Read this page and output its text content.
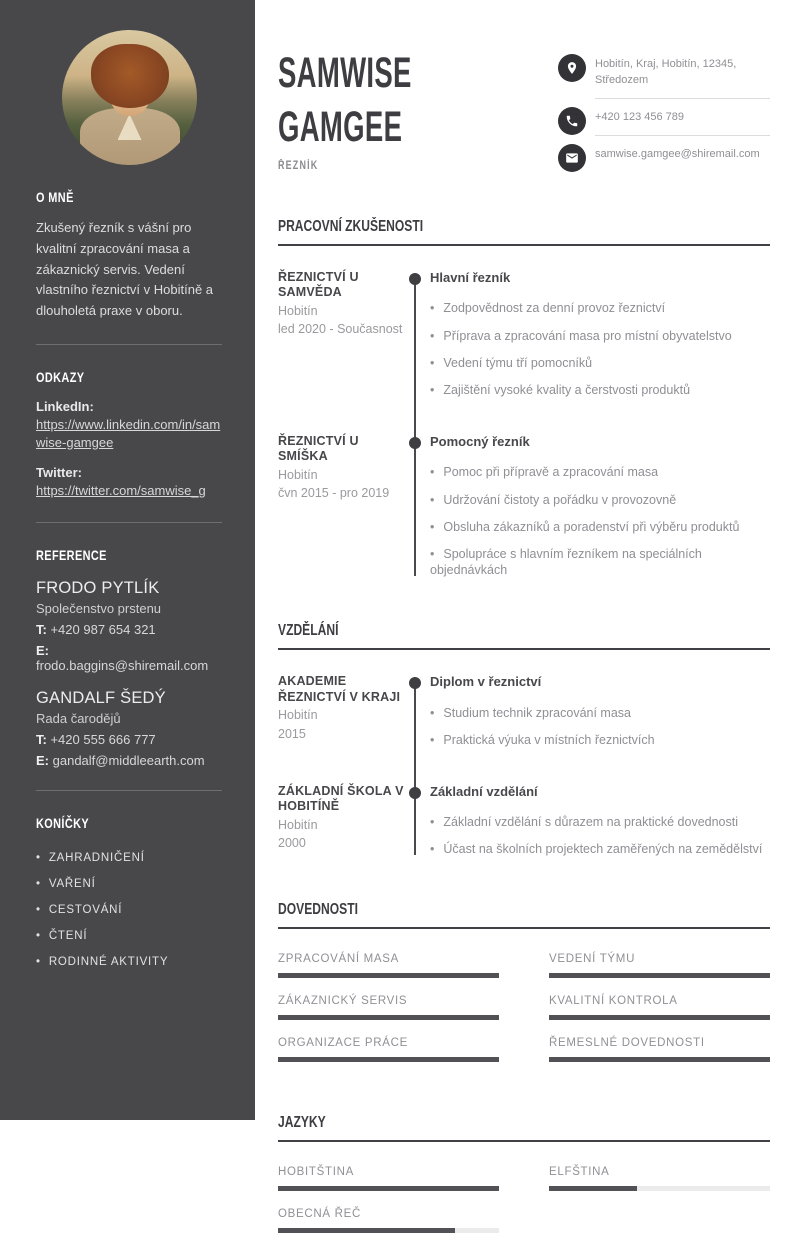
O MNĚ

Zkušený řezník s vášní pro kvalitní zpracování masa a zákaznický servis. Vedení vlastního řeznictví v Hobitíně a dlouholetá praxe v oboru.

ODKAZY
LinkedIn:
https://www.linkedin.com/in/samwise-gamgee
Twitter:
https://twitter.com/samwise_g
REFERENCE
FRODO PYTLÍK
Společenstvo prstenu
T: +420 987 654 321
E: frodo.baggins@shiremail.com
GANDALF ŠEDÝ
Rada čarodějů
T: +420 555 666 777
E: gandalf@middleearth.com
KONÍČKY
• ZAHRADNIČENÍ
• VAŘENÍ
• CESTOVÁNÍ
• ČTENÍ
• RODINNÉ AKTIVITY
SAMWISE
GAMGEE
ŘEZNÍK
Hobitín, Kraj, Hobitín, 12345, Středozem
+420 123 456 789
samwise.gamgee@shiremail.com
PRACOVNÍ ZKUŠENOSTI
ŘEZNICTVÍ U SAMVĚDA
Hobitín
led 2020 - Současnost
Hlavní řezník
• Zodpovědnost za denní provoz řeznictví
• Příprava a zpracování masa pro místní obyvatelstvo
• Vedení týmu tří pomocníků
• Zajištění vysoké kvality a čerstvosti produktů
ŘEZNICTVÍ U SMÍŠKA
Hobitín
čvn 2015 - pro 2019
Pomocný řezník
• Pomoc při přípravě a zpracování masa
• Udržování čistoty a pořádku v provozovně
• Obsluha zákazníků a poradenství při výběru produktů
• Spolupráce s hlavním řezníkem na speciálních objednávkách
VZDĚLÁNÍ
AKADEMIE ŘEZNICTVÍ V KRAJI
Hobitín
2015
Diplom v řeznictví
• Studium technik zpracování masa
• Praktická výuka v místních řeznictvích
ZÁKLADNÍ ŠKOLA V HOBITÍNĚ
Hobitín
2000
Základní vzdělání
• Základní vzdělání s důrazem na praktické dovednosti
• Účast na školních projektech zaměřených na zemědělství
DOVEDNOSTI
ZPRACOVÁNÍ MASA	VEDENÍ TÝMU
ZÁKAZNICKÝ SERVIS	KVALITNÍ KONTROLA
ORGANIZACE PRÁCE	ŘEMESLNÉ DOVEDNOSTI
JAZYKY
HOBITŠTINA	ELFŠTINA
OBECNÁ ŘEČ
